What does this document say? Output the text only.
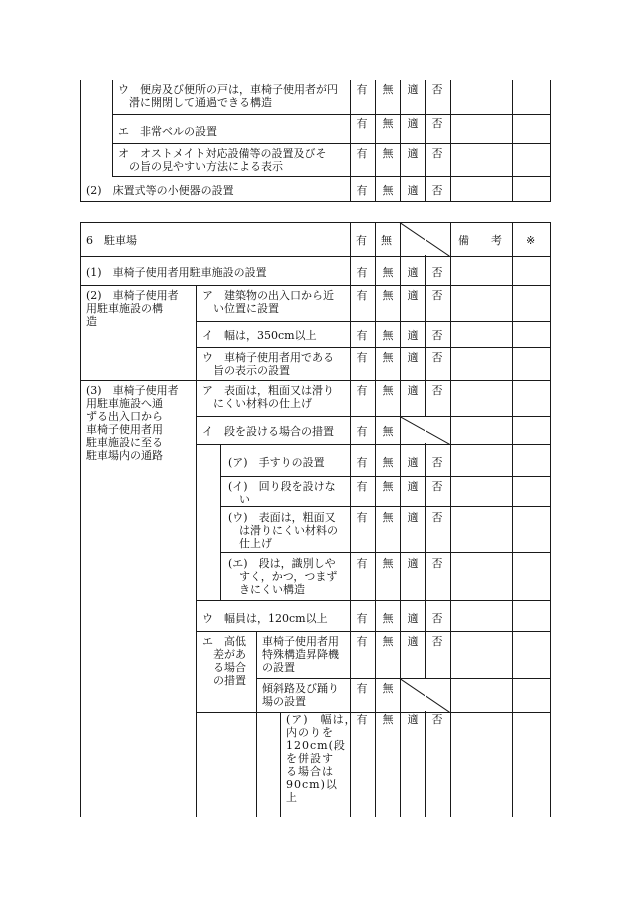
ウ　便房及び便所の戸は，車椅子使用者が円
　滑に開閉して通過できる構造
有 無 適 否
エ　非常ベルの設置
有 無 適 否
オ　オストメイト対応設備等の設置及びそ
　の旨の見やすい方法による表示
有 無 適 否
(2)　床置式等の小便器の設置	有 無 適 否
6　駐車場	有 無	備　　考 ※
(1)　車椅子使用者用駐車施設の設置	有 無 適 否
(2)　車椅子使用者
用駐車施設の構
造
ア　建築物の出入口から近
　い位置に設置
有 無 適 否
イ　幅は，350cm以上	有 無 適 否
ウ　車椅子使用者用である
　旨の表示の設置
有 無 適 否
(3)　車椅子使用者
用駐車施設へ通
ずる出入口から
車椅子使用者用
駐車施設に至る
駐車場内の通路
ア　表面は，粗面又は滑り
　にくい材料の仕上げ
有 無 適 否
イ　段を設ける場合の措置 有 無
(ア)　手すりの設置	有 無 適 否
(イ)　回り段を設けな
　い
有 無 適 否
(ウ)　表面は，粗面又
　は滑りにくい材料の
　仕上げ
有 無 適 否
(エ)　段は，識別しや
　すく，かつ，つまず
　きにくい構造
有 無 適 否
ウ　幅員は，120cm以上	有 無 適 否
エ　高低
　差があ
　る場合
　の措置
車椅子使用者用
特殊構造昇降機
の設置
有 無 適 否
傾斜路及び踊り
場の設置
有 無
(ア)　幅は，
内のりを
120cm(段
を併設す
る場合は
90cm)以
上
有 無 適 否
